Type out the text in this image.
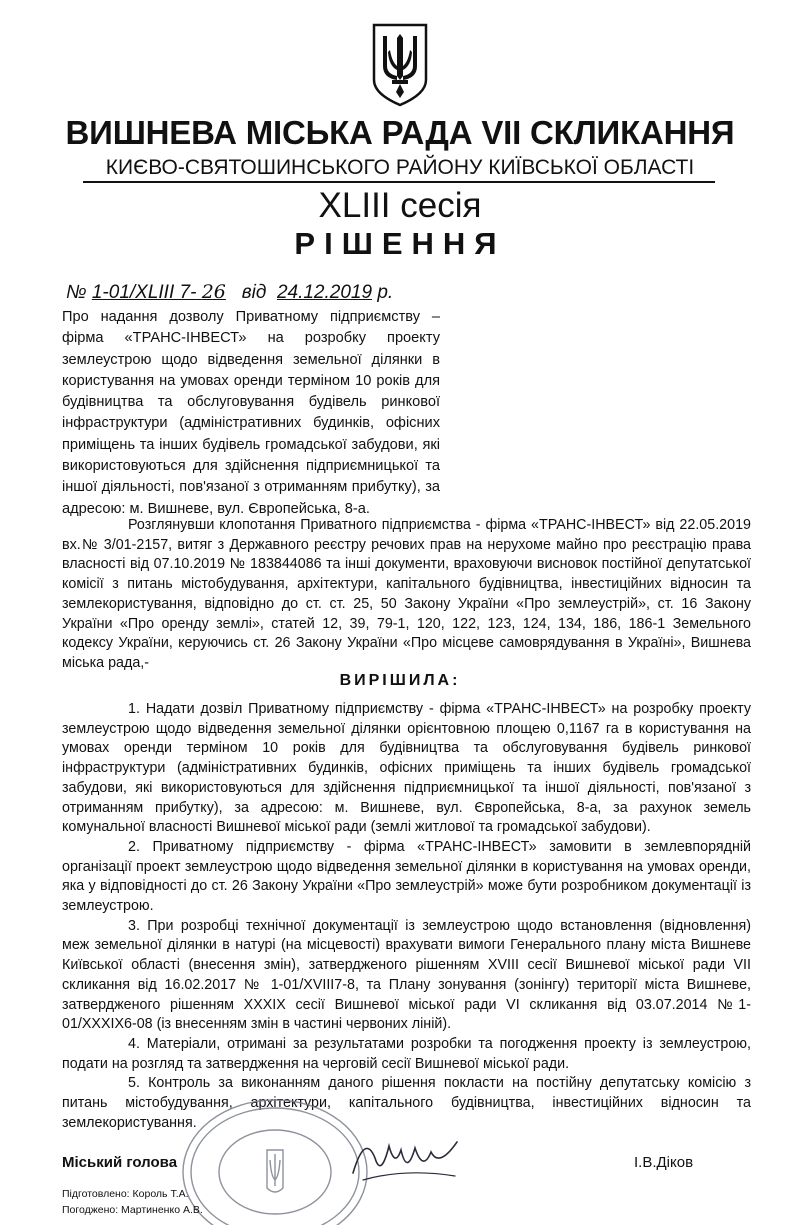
ВИШНЕВА МІСЬКА РАДА VII СКЛИКАННЯ
КИЄВО-СВЯТОШИНСЬКОГО РАЙОНУ КИЇВСЬКОЇ ОБЛАСТІ
XLIII сесія
РІШЕННЯ
№ 1-01/XLIII 7- 26 від 24.12.2019 р.
Про надання дозволу Приватному підприємству – фірма «ТРАНС-ІНВЕСТ» на розробку проекту землеустрою щодо відведення земельної ділянки в користування на умовах оренди терміном 10 років для будівництва та обслуговування будівель ринкової інфраструктури (адміністративних будинків, офісних приміщень та інших будівель громадської забудови, які використовуються для здійснення підприємницької та іншої діяльності, пов'язаної з отриманням прибутку), за адресою: м. Вишневе, вул. Європейська, 8-а.

Розглянувши клопотання Приватного підприємства - фірма «ТРАНС-ІНВЕСТ» від 22.05.2019 вх.№ 3/01-2157, витяг з Державного реєстру речових прав на нерухоме майно про реєстрацію права власності від 07.10.2019 № 183844086 та інші документи, враховуючи висновок постійної депутатської комісії з питань містобудування, архітектури, капітального будівництва, інвестиційних відносин та землекористування, відповідно до ст. ст. 25, 50 Закону України «Про землеустрій», ст. 16 Закону України «Про оренду землі», статей 12, 39, 79-1, 120, 122, 123, 124, 134, 186, 186-1 Земельного кодексу України, керуючись ст. 26 Закону України «Про місцеве самоврядування в Україні», Вишнева міська рада,-

ВИРІШИЛА:

1. Надати дозвіл Приватному підприємству - фірма «ТРАНС-ІНВЕСТ» на розробку проекту землеустрою щодо відведення земельної ділянки орієнтовною площею 0,1167 га в користування на умовах оренди терміном 10 років для будівництва та обслуговування будівель ринкової інфраструктури (адміністративних будинків, офісних приміщень та інших будівель громадської забудови, які використовуються для здійснення підприємницької та іншої діяльності, пов'язаної з отриманням прибутку), за адресою: м. Вишневе, вул. Європейська, 8-а, за рахунок земель комунальної власності Вишневої міської ради (землі житлової та громадської забудови).

2. Приватному підприємству - фірма «ТРАНС-ІНВЕСТ» замовити в землевпорядній організації проект землеустрою щодо відведення земельної ділянки в користування на умовах оренди, яка у відповідності до ст. 26 Закону України «Про землеустрій» може бути розробником документації із землеустрою.

3. При розробці технічної документації із землеустрою щодо встановлення (відновлення) меж земельної ділянки в натурі (на місцевості) врахувати вимоги Генерального плану міста Вишневе Київської області (внесення змін), затвердженого рішенням XVIII сесії Вишневої міської ради VII скликання від 16.02.2017 № 1-01/XVIII7-8, та Плану зонування (зонінгу) території міста Вишневе, затвердженого рішенням XXXIX сесії Вишневої міської ради VI скликання від 03.07.2014 №1-01/XXXIX6-08 (із внесенням змін в частині червоних ліній).

4. Матеріали, отримані за результатами розробки та погодження проекту із землеустрою, подати на розгляд та затвердження на черговій сесії Вишневої міської ради.

5. Контроль за виконанням даного рішення покласти на постійну депутатську комісію з питань містобудування, архітектури, капітального будівництва, інвестиційних відносин та землекористування.

Міський голова	І.В.Діков
Підготовлено: Король Т.А.
Погоджено: Мартиненко А.В.
